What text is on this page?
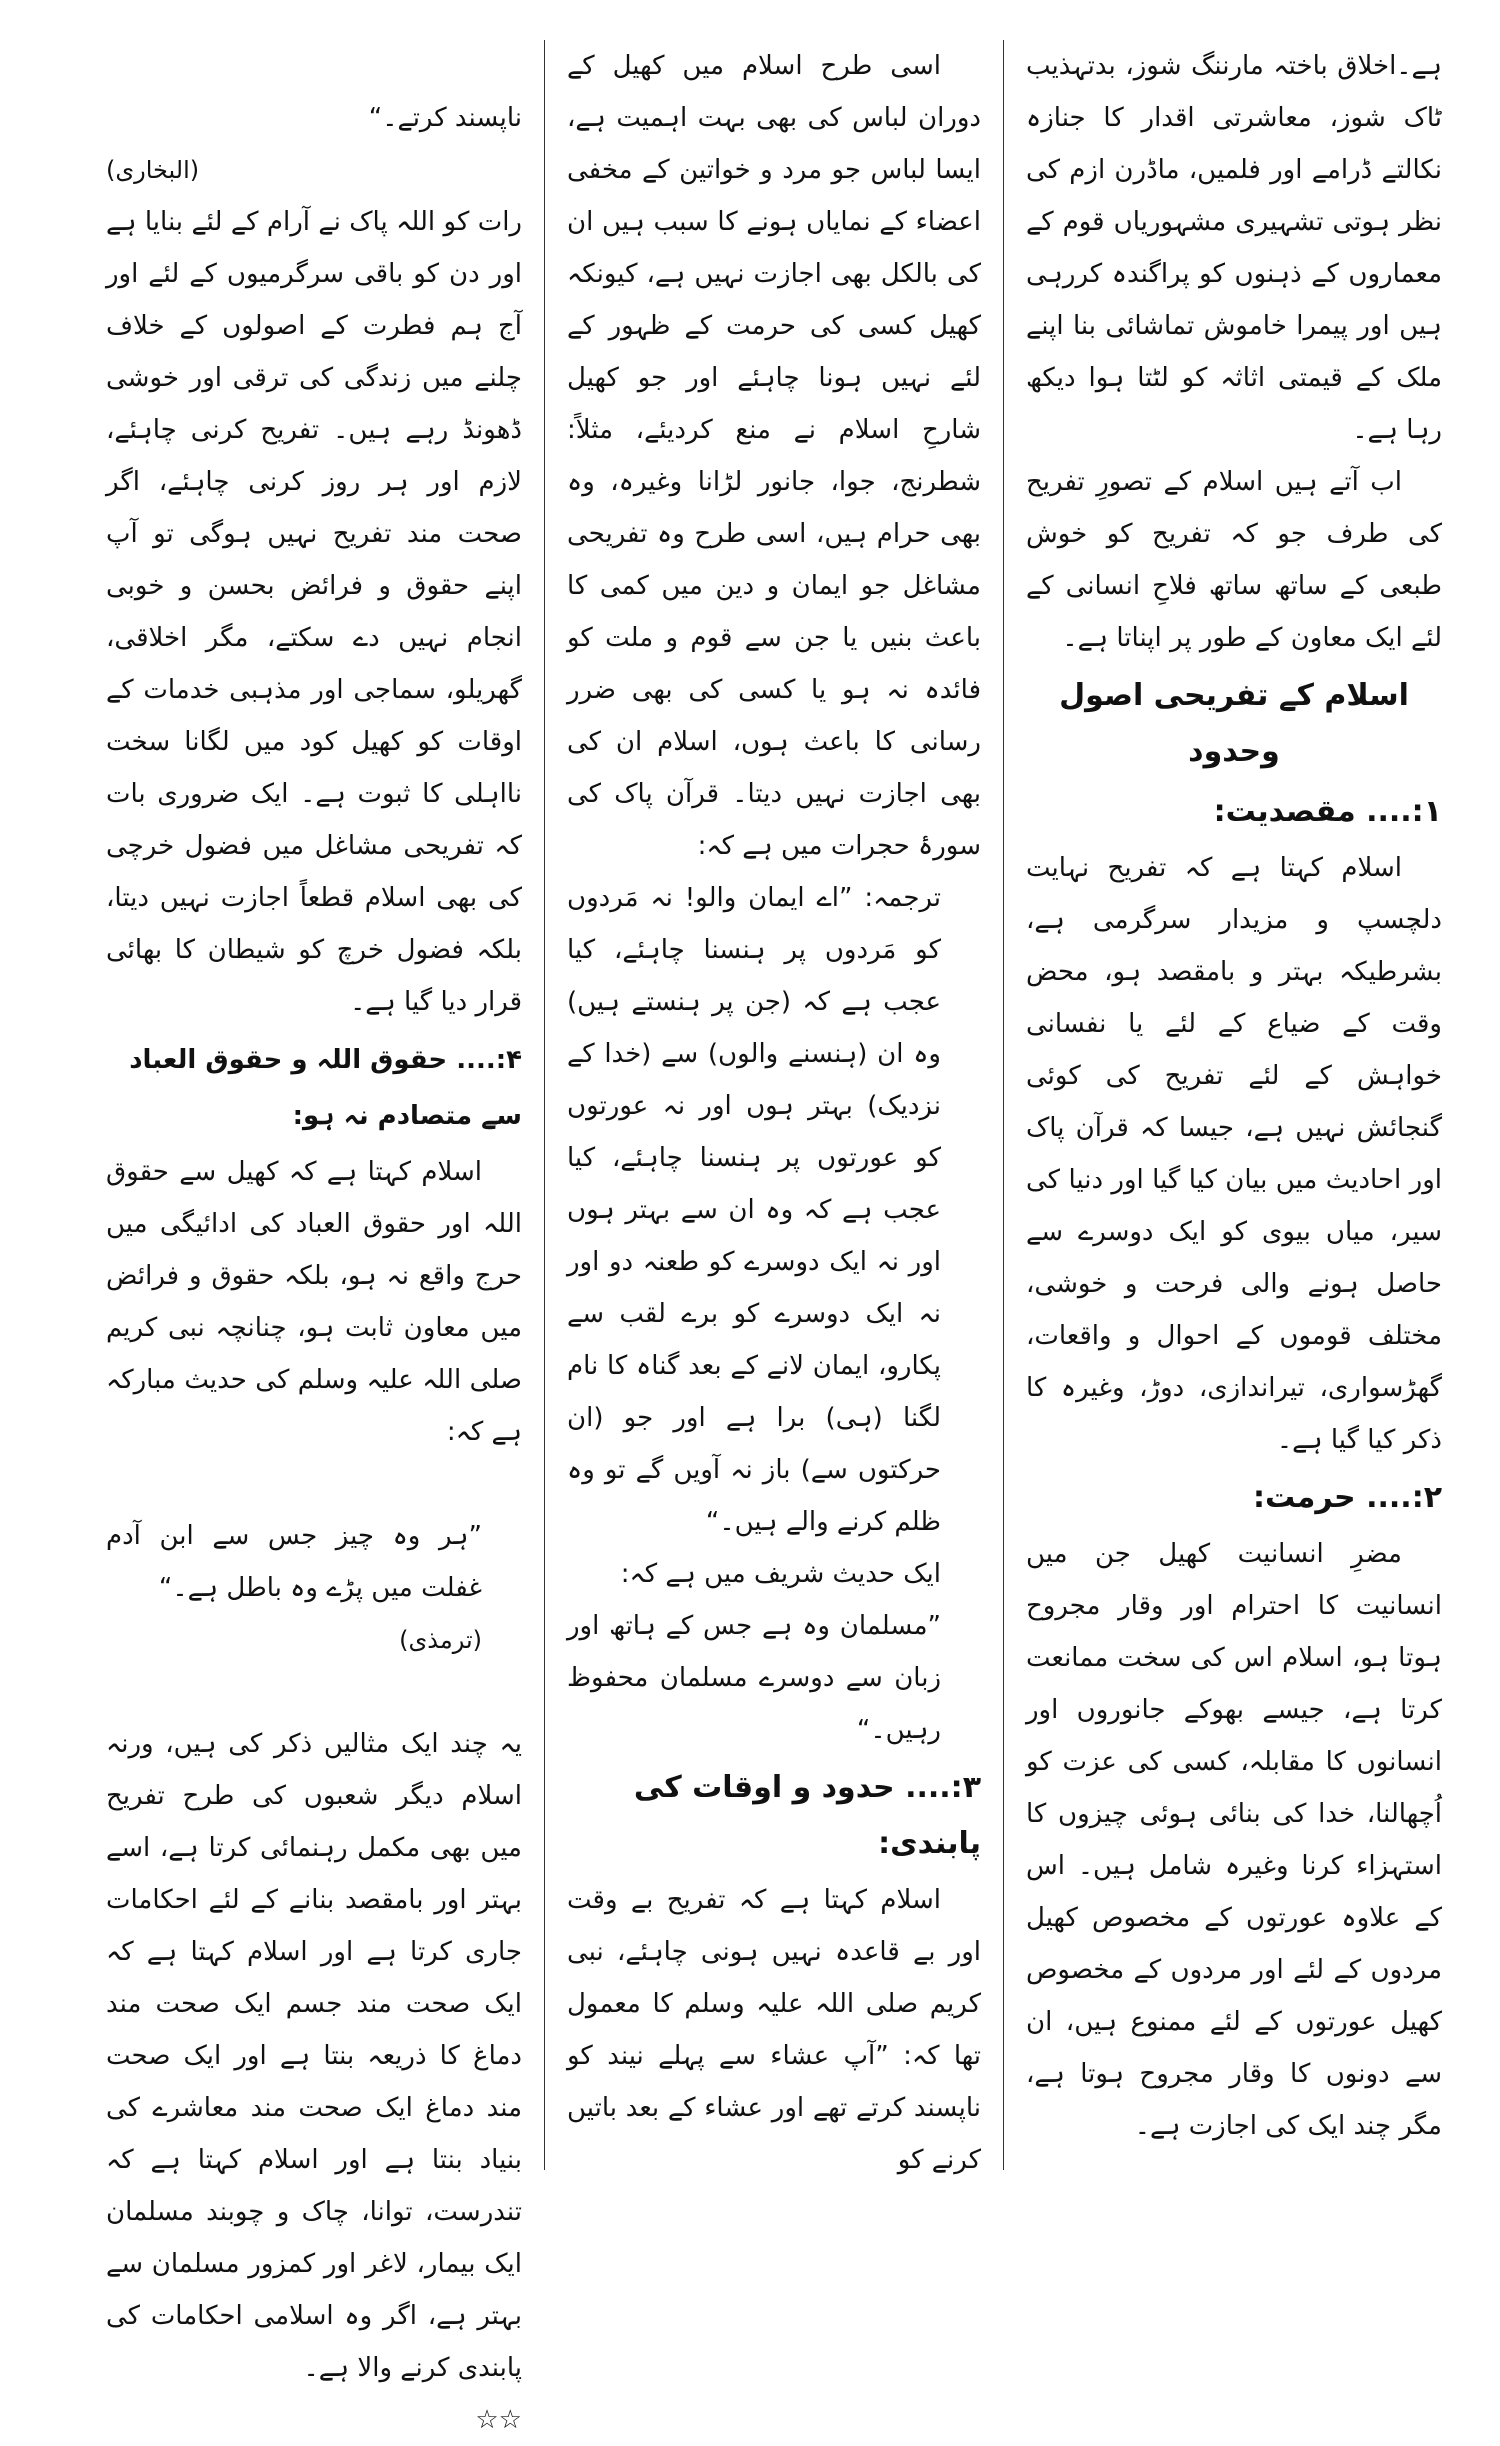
ہے۔اخلاق باختہ مارننگ شوز، بدتہذیب ٹاک شوز، معاشرتی اقدار کا جنازہ نکالتے ڈرامے اور فلمیں، ماڈرن ازم کی نظر ہوتی تشہیری مشہوریاں قوم کے معماروں کے ذہنوں کو پراگندہ کررہی ہیں اور پیمرا خاموش تماشائی بنا اپنے ملک کے قیمتی اثاثہ کو لٹتا ہوا دیکھ رہا ہے۔

اب آتے ہیں اسلام کے تصورِ تفریح کی طرف جو کہ تفریح کو خوش طبعی کے ساتھ ساتھ فلاحِ انسانی کے لئے ایک معاون کے طور پر اپناتا ہے۔

اسلام کے تفریحی اصول وحدود
۱:.... مقصدیت:

اسلام کہتا ہے کہ تفریح نہایت دلچسپ و مزیدار سرگرمی ہے، بشرطیکہ بہتر و بامقصد ہو، محض وقت کے ضیاع کے لئے یا نفسانی خواہش کے لئے تفریح کی کوئی گنجائش نہیں ہے، جیسا کہ قرآن پاک اور احادیث میں بیان کیا گیا اور دنیا کی سیر، میاں بیوی کو ایک دوسرے سے حاصل ہونے والی فرحت و خوشی، مختلف قوموں کے احوال و واقعات، گھڑسواری، تیراندازی، دوڑ، وغیرہ کا ذکر کیا گیا ہے۔

۲:.... حرمت:

مضرِ انسانیت کھیل جن میں انسانیت کا احترام اور وقار مجروح ہوتا ہو، اسلام اس کی سخت ممانعت کرتا ہے، جیسے بھوکے جانوروں اور انسانوں کا مقابلہ، کسی کی عزت کو اُچھالنا، خدا کی بنائی ہوئی چیزوں کا استہزاء کرنا وغیرہ شامل ہیں۔ اس کے علاوہ عورتوں کے مخصوص کھیل مردوں کے لئے اور مردوں کے مخصوص کھیل عورتوں کے لئے ممنوع ہیں، ان سے دونوں کا وقار مجروح ہوتا ہے، مگر چند ایک کی اجازت ہے۔

اسی طرح اسلام میں کھیل کے دوران لباس کی بھی بہت اہمیت ہے، ایسا لباس جو مرد و خواتین کے مخفی اعضاء کے نمایاں ہونے کا سبب ہیں ان کی بالکل بھی اجازت نہیں ہے، کیونکہ کھیل کسی کی حرمت کے ظہور کے لئے نہیں ہونا چاہئے اور جو کھیل شارحِ اسلام نے منع کردیئے، مثلاً: شطرنج، جوا، جانور لڑانا وغیرہ، وہ بھی حرام ہیں، اسی طرح وہ تفریحی مشاغل جو ایمان و دین میں کمی کا باعث بنیں یا جن سے قوم و ملت کو فائدہ نہ ہو یا کسی کی بھی ضرر رسانی کا باعث ہوں، اسلام ان کی بھی اجازت نہیں دیتا۔ قرآن پاک کی سورۂ حجرات میں ہے کہ:

ترجمہ: ”اے ایمان والو! نہ مَردوں کو مَردوں پر ہنسنا چاہئے، کیا عجب ہے کہ (جن پر ہنستے ہیں) وہ ان (ہنسنے والوں) سے (خدا کے نزدیک) بہتر ہوں اور نہ عورتوں کو عورتوں پر ہنسنا چاہئے، کیا عجب ہے کہ وہ ان سے بہتر ہوں اور نہ ایک دوسرے کو طعنہ دو اور نہ ایک دوسرے کو برے لقب سے پکارو، ایمان لانے کے بعد گناہ کا نام لگنا (ہی) برا ہے اور جو (ان حرکتوں سے) باز نہ آویں گے تو وہ ظلم کرنے والے ہیں۔“

ایک حدیث شریف میں ہے کہ:

”مسلمان وہ ہے جس کے ہاتھ اور زبان سے دوسرے مسلمان محفوظ رہیں۔“
۳:.... حدود و اوقات کی پابندی:

اسلام کہتا ہے کہ تفریح بے وقت اور بے قاعدہ نہیں ہونی چاہئے، نبی کریم صلی اللہ علیہ وسلم کا معمول تھا کہ: ”آپ عشاء سے پہلے نیند کو ناپسند کرتے تھے اور عشاء کے بعد باتیں کرنے کو

ناپسند کرتے۔“

(البخاری)

رات کو اللہ پاک نے آرام کے لئے بنایا ہے اور دن کو باقی سرگرمیوں کے لئے اور آج ہم فطرت کے اصولوں کے خلاف چلنے میں زندگی کی ترقی اور خوشی ڈھونڈ رہے ہیں۔ تفریح کرنی چاہئے، لازم اور ہر روز کرنی چاہئے، اگر صحت مند تفریح نہیں ہوگی تو آپ اپنے حقوق و فرائض بحسن و خوبی انجام نہیں دے سکتے، مگر اخلاقی، گھریلو، سماجی اور مذہبی خدمات کے اوقات کو کھیل کود میں لگانا سخت نااہلی کا ثبوت ہے۔ ایک ضروری بات کہ تفریحی مشاغل میں فضول خرچی کی بھی اسلام قطعاً اجازت نہیں دیتا، بلکہ فضول خرچ کو شیطان کا بھائی قرار دیا گیا ہے۔

۴:.... حقوق اللہ و حقوق العباد سے متصادم نہ ہو:

اسلام کہتا ہے کہ کھیل سے حقوق اللہ اور حقوق العباد کی ادائیگی میں حرج واقع نہ ہو، بلکہ حقوق و فرائض میں معاون ثابت ہو، چنانچہ نبی کریم صلی اللہ علیہ وسلم کی حدیث مبارکہ ہے کہ:

”ہر وہ چیز جس سے ابن آدم غفلت میں پڑے وہ باطل ہے۔“
(ترمذی)

یہ چند ایک مثالیں ذکر کی ہیں، ورنہ اسلام دیگر شعبوں کی طرح تفریح میں بھی مکمل رہنمائی کرتا ہے، اسے بہتر اور بامقصد بنانے کے لئے احکامات جاری کرتا ہے اور اسلام کہتا ہے کہ ایک صحت مند جسم ایک صحت مند دماغ کا ذریعہ بنتا ہے اور ایک صحت مند دماغ ایک صحت مند معاشرے کی بنیاد بنتا ہے اور اسلام کہتا ہے کہ تندرست، توانا، چاک و چوبند مسلمان ایک بیمار، لاغر اور کمزور مسلمان سے بہتر ہے، اگر وہ اسلامی احکامات کی پابندی کرنے والا ہے۔
☆☆
